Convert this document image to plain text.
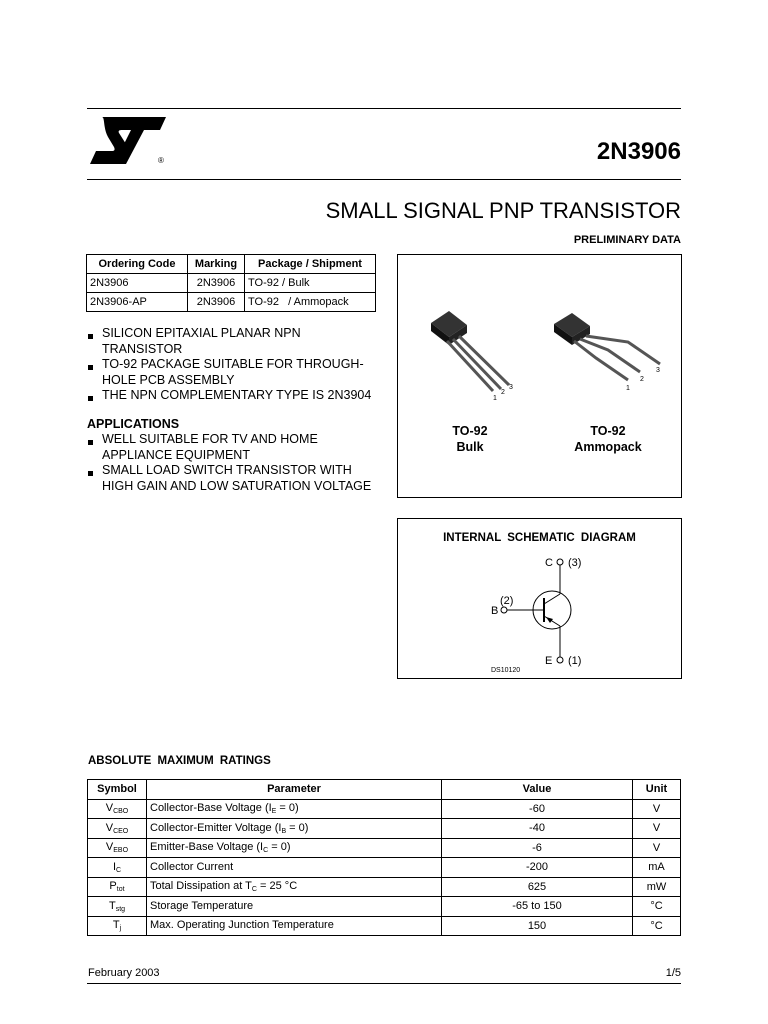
®	2N3906
SMALL SIGNAL PNP TRANSISTOR
PRELIMINARY DATA
Ordering Code	Marking	Package / Shipment
2N3906	2N3906	TO-92 / Bulk
2N3906-AP	2N3906	TO-92   / Ammopack
SILICON EPITAXIAL PLANAR NPN TRANSISTOR
TO-92 PACKAGE SUITABLE FOR THROUGH-HOLE PCB ASSEMBLY
THE NPN COMPLEMENTARY TYPE IS 2N3904
APPLICATIONS
WELL SUITABLE FOR TV AND HOME APPLIANCE EQUIPMENT
SMALL LOAD SWITCH TRANSISTOR WITH HIGH GAIN AND LOW SATURATION VOLTAGE
1
2
3
TO-92
Bulk
1
2
3
TO-92
Ammopack
INTERNAL SCHEMATIC DIAGRAM
C (3)
B
(2)
E (1)
DS10120
ABSOLUTE MAXIMUM RATINGS
Symbol	Parameter	Value	Unit
$V_{CBO}$	Collector-Base Voltage $(I_E = 0)$	-60	V
$V_{CEO}$	Collector-Emitter Voltage $(I_B = 0)$	-40	V
$V_{EBO}$	Emitter-Base Voltage $(I_C = 0)$	-6	V
$I_C$	Collector Current	-200	mA
$P_{tot}$	Total Dissipation at $T_C = 25$ °C	625	mW
$T_{stg}$	Storage Temperature	-65 to 150	°C
$T_j$	Max. Operating Junction Temperature	150	°C
February 2003	1/5
